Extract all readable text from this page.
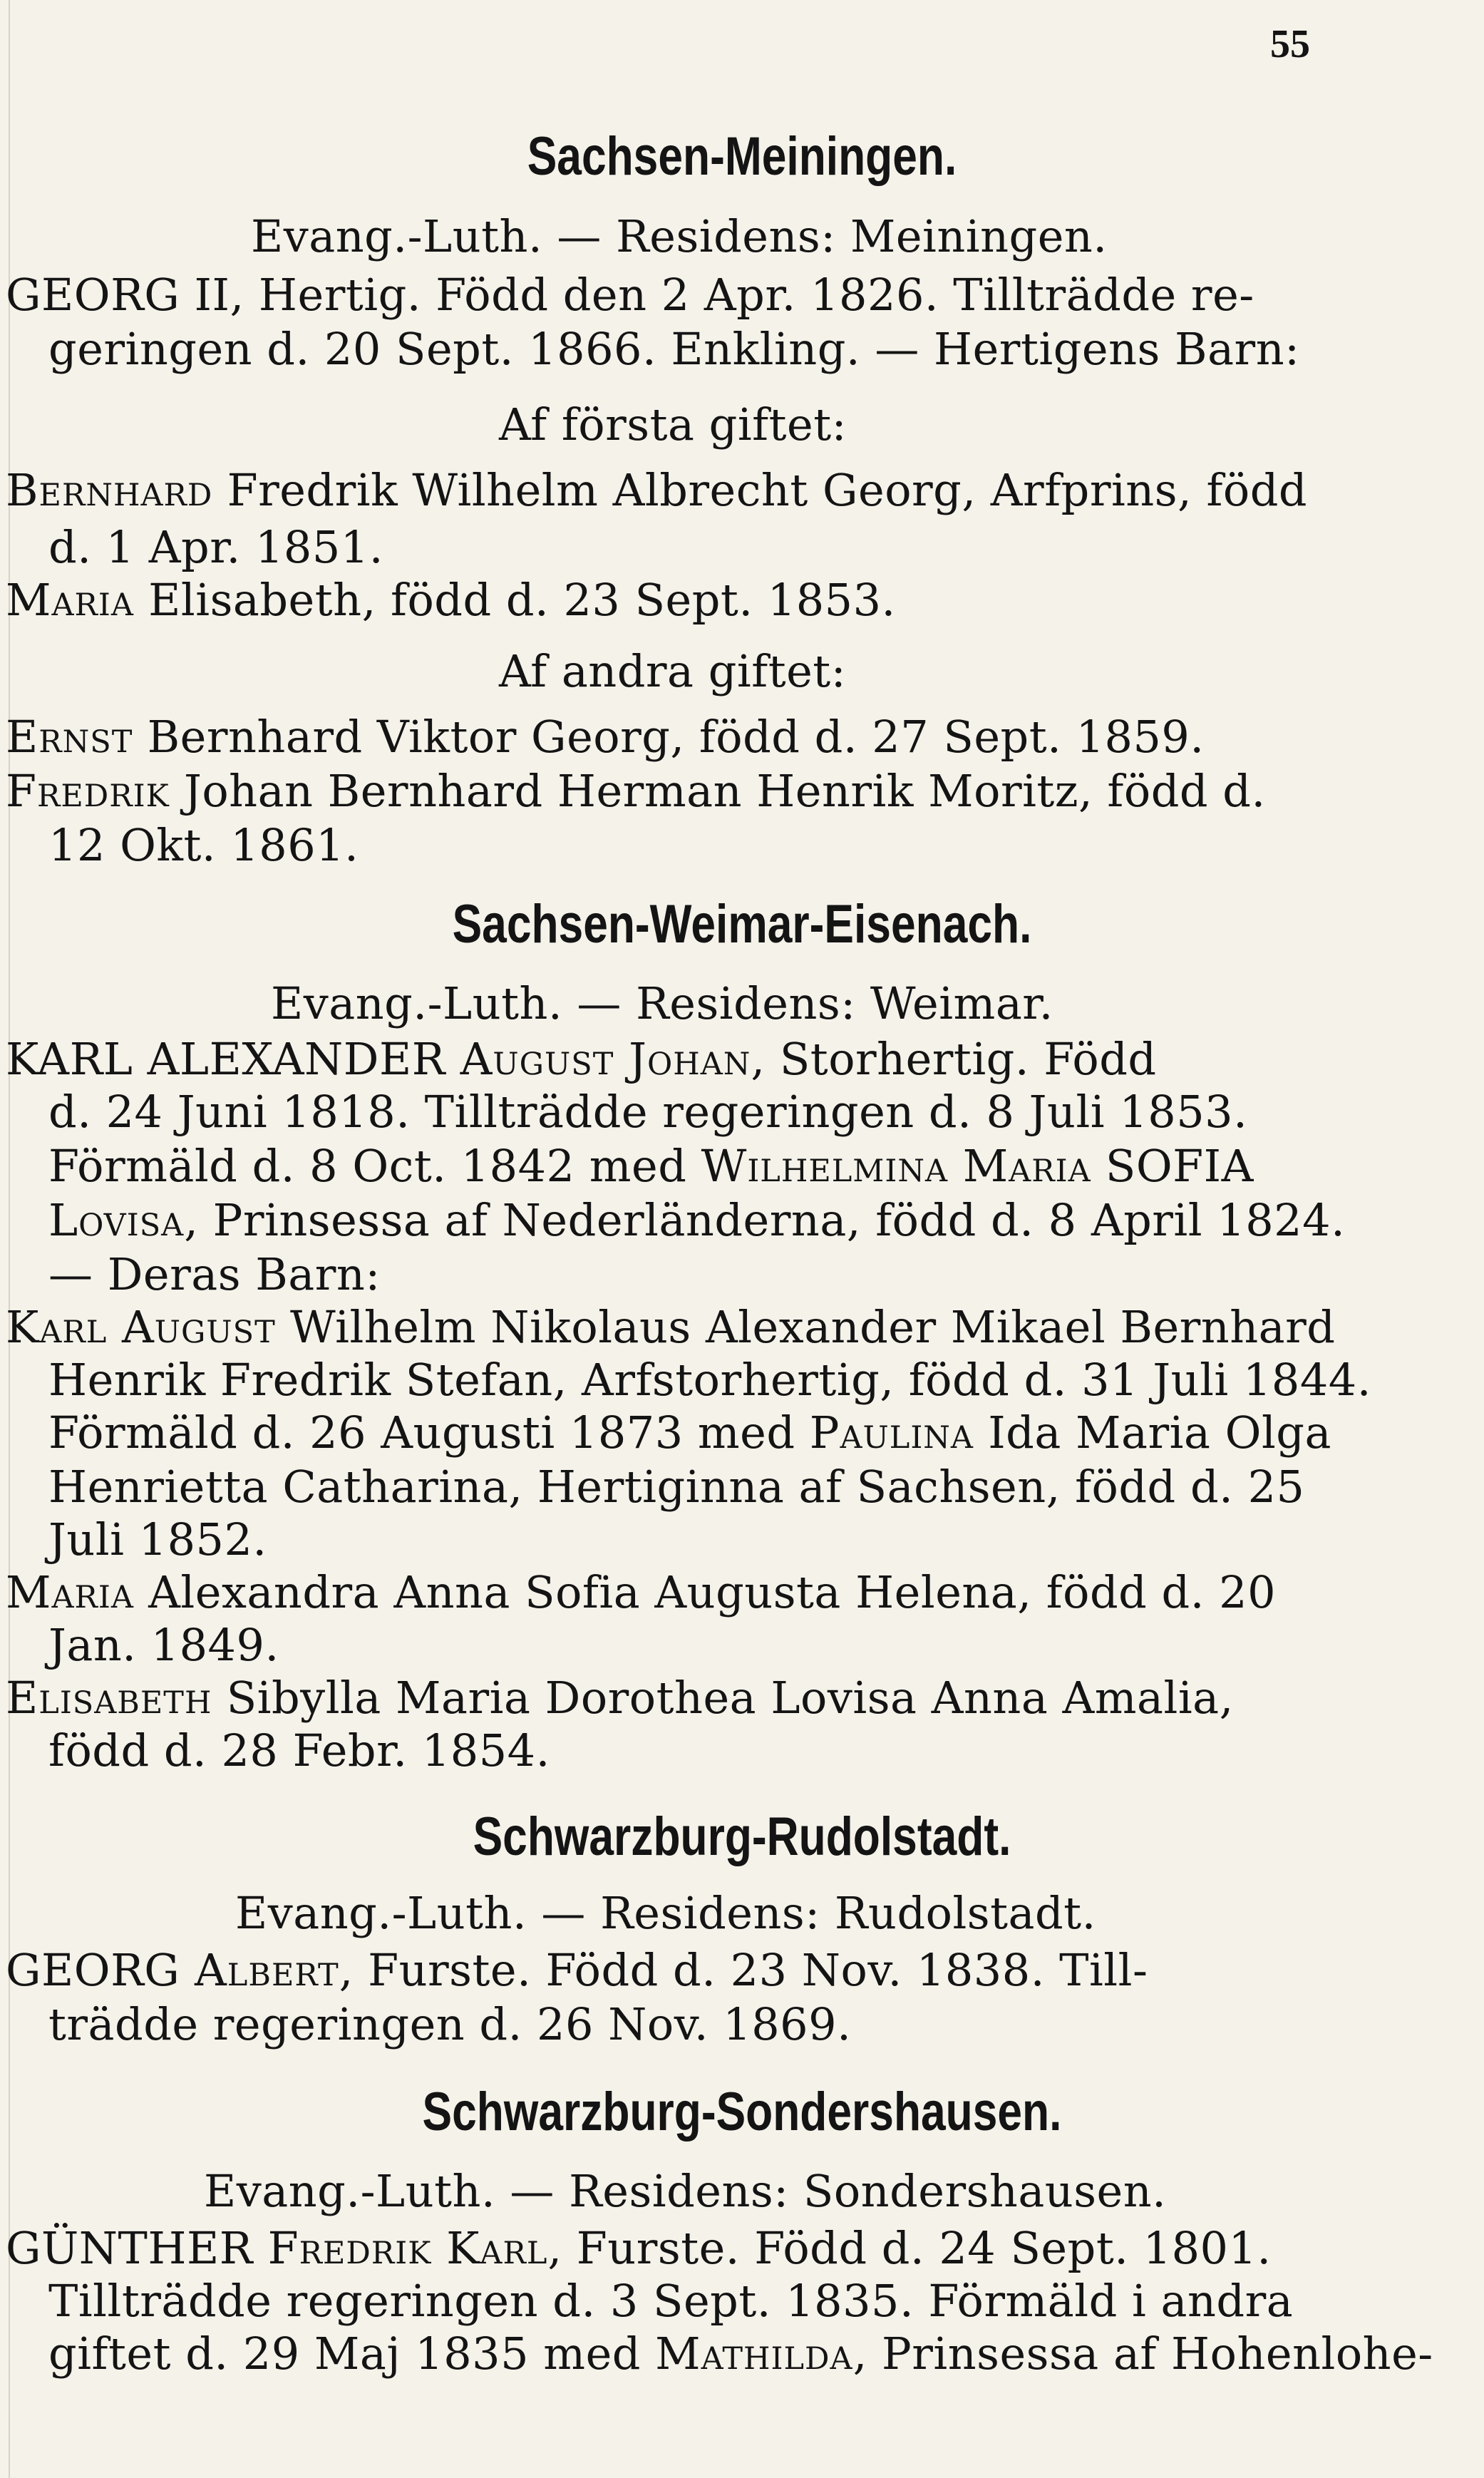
55
Sachsen-Meiningen.
Evang.-Luth. — Residens: Meiningen.
GEORG II, Hertig. Född den 2 Apr. 1826. Tillträdde re-
geringen d. 20 Sept. 1866. Enkling. — Hertigens Barn:
Af första giftet:
Bernhard Fredrik Wilhelm Albrecht Georg, Arfprins, född
d. 1 Apr. 1851.
Maria Elisabeth, född d. 23 Sept. 1853.
Af andra giftet:
Ernst Bernhard Viktor Georg, född d. 27 Sept. 1859.
Fredrik Johan Bernhard Herman Henrik Moritz, född d.
12 Okt. 1861.
Sachsen-Weimar-Eisenach.
Evang.-Luth. — Residens: Weimar.
KARL ALEXANDER August Johan, Storhertig. Född
d. 24 Juni 1818. Tillträdde regeringen d. 8 Juli 1853.
Förmäld d. 8 Oct. 1842 med Wilhelmina Maria SOFIA
Lovisa, Prinsessa af Nederländerna, född d. 8 April 1824.
— Deras Barn:
Karl August Wilhelm Nikolaus Alexander Mikael Bernhard
Henrik Fredrik Stefan, Arfstorhertig, född d. 31 Juli 1844.
Förmäld d. 26 Augusti 1873 med Paulina Ida Maria Olga
Henrietta Catharina, Hertiginna af Sachsen, född d. 25
Juli 1852.
Maria Alexandra Anna Sofia Augusta Helena, född d. 20
Jan. 1849.
Elisabeth Sibylla Maria Dorothea Lovisa Anna Amalia,
född d. 28 Febr. 1854.
Schwarzburg-Rudolstadt.
Evang.-Luth. — Residens: Rudolstadt.
GEORG Albert, Furste. Född d. 23 Nov. 1838. Till-
trädde regeringen d. 26 Nov. 1869.
Schwarzburg-Sondershausen.
Evang.-Luth. — Residens: Sondershausen.
GÜNTHER Fredrik Karl, Furste. Född d. 24 Sept. 1801.
Tillträdde regeringen d. 3 Sept. 1835. Förmäld i andra
giftet d. 29 Maj 1835 med Mathilda, Prinsessa af Hohenlohe-
